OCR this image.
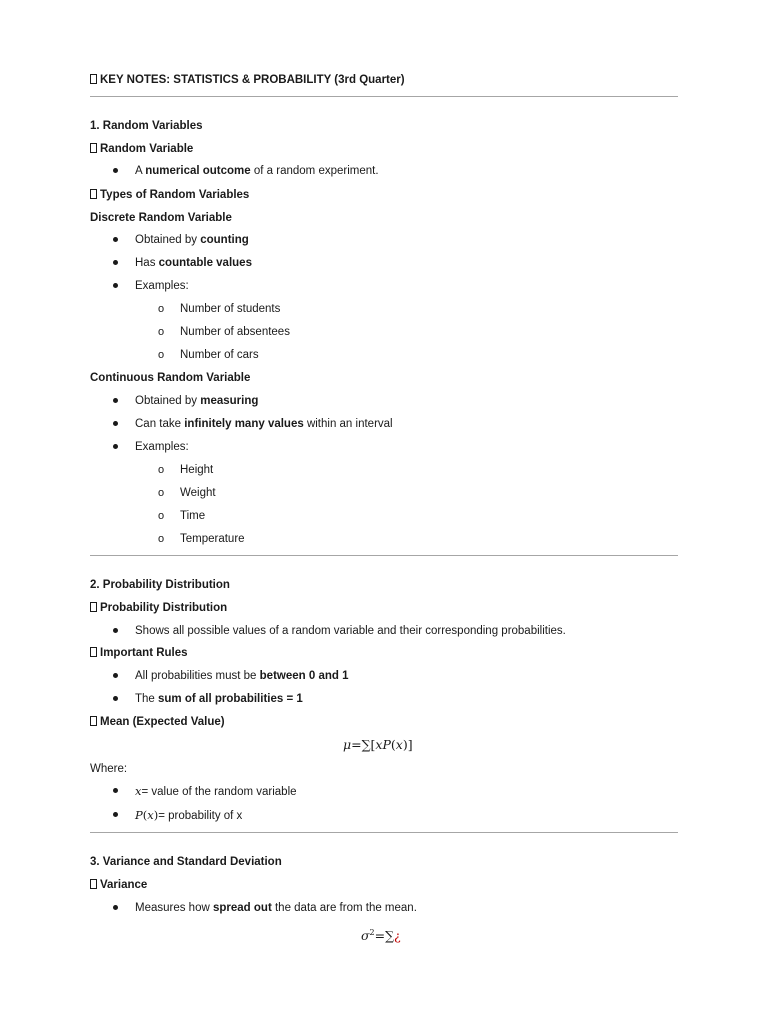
KEY NOTES: STATISTICS & PROBABILITY (3rd Quarter)
1. Random Variables
Random Variable
A numerical outcome of a random experiment.
Types of Random Variables
Discrete Random Variable
Obtained by counting
Has countable values
Examples:
o Number of students
o Number of absentees
o Number of cars
Continuous Random Variable
Obtained by measuring
Can take infinitely many values within an interval
Examples:
o Height
o Weight
o Time
o Temperature
2. Probability Distribution
Probability Distribution
Shows all possible values of a random variable and their corresponding probabilities.
Important Rules
All probabilities must be between 0 and 1
The sum of all probabilities = 1
Mean (Expected Value)
μ=∑[xP(x)]
Where:
x= value of the random variable
P(x)= probability of x
3. Variance and Standard Deviation
Variance
Measures how spread out the data are from the mean.
$\sigma^2=\sum¿$
